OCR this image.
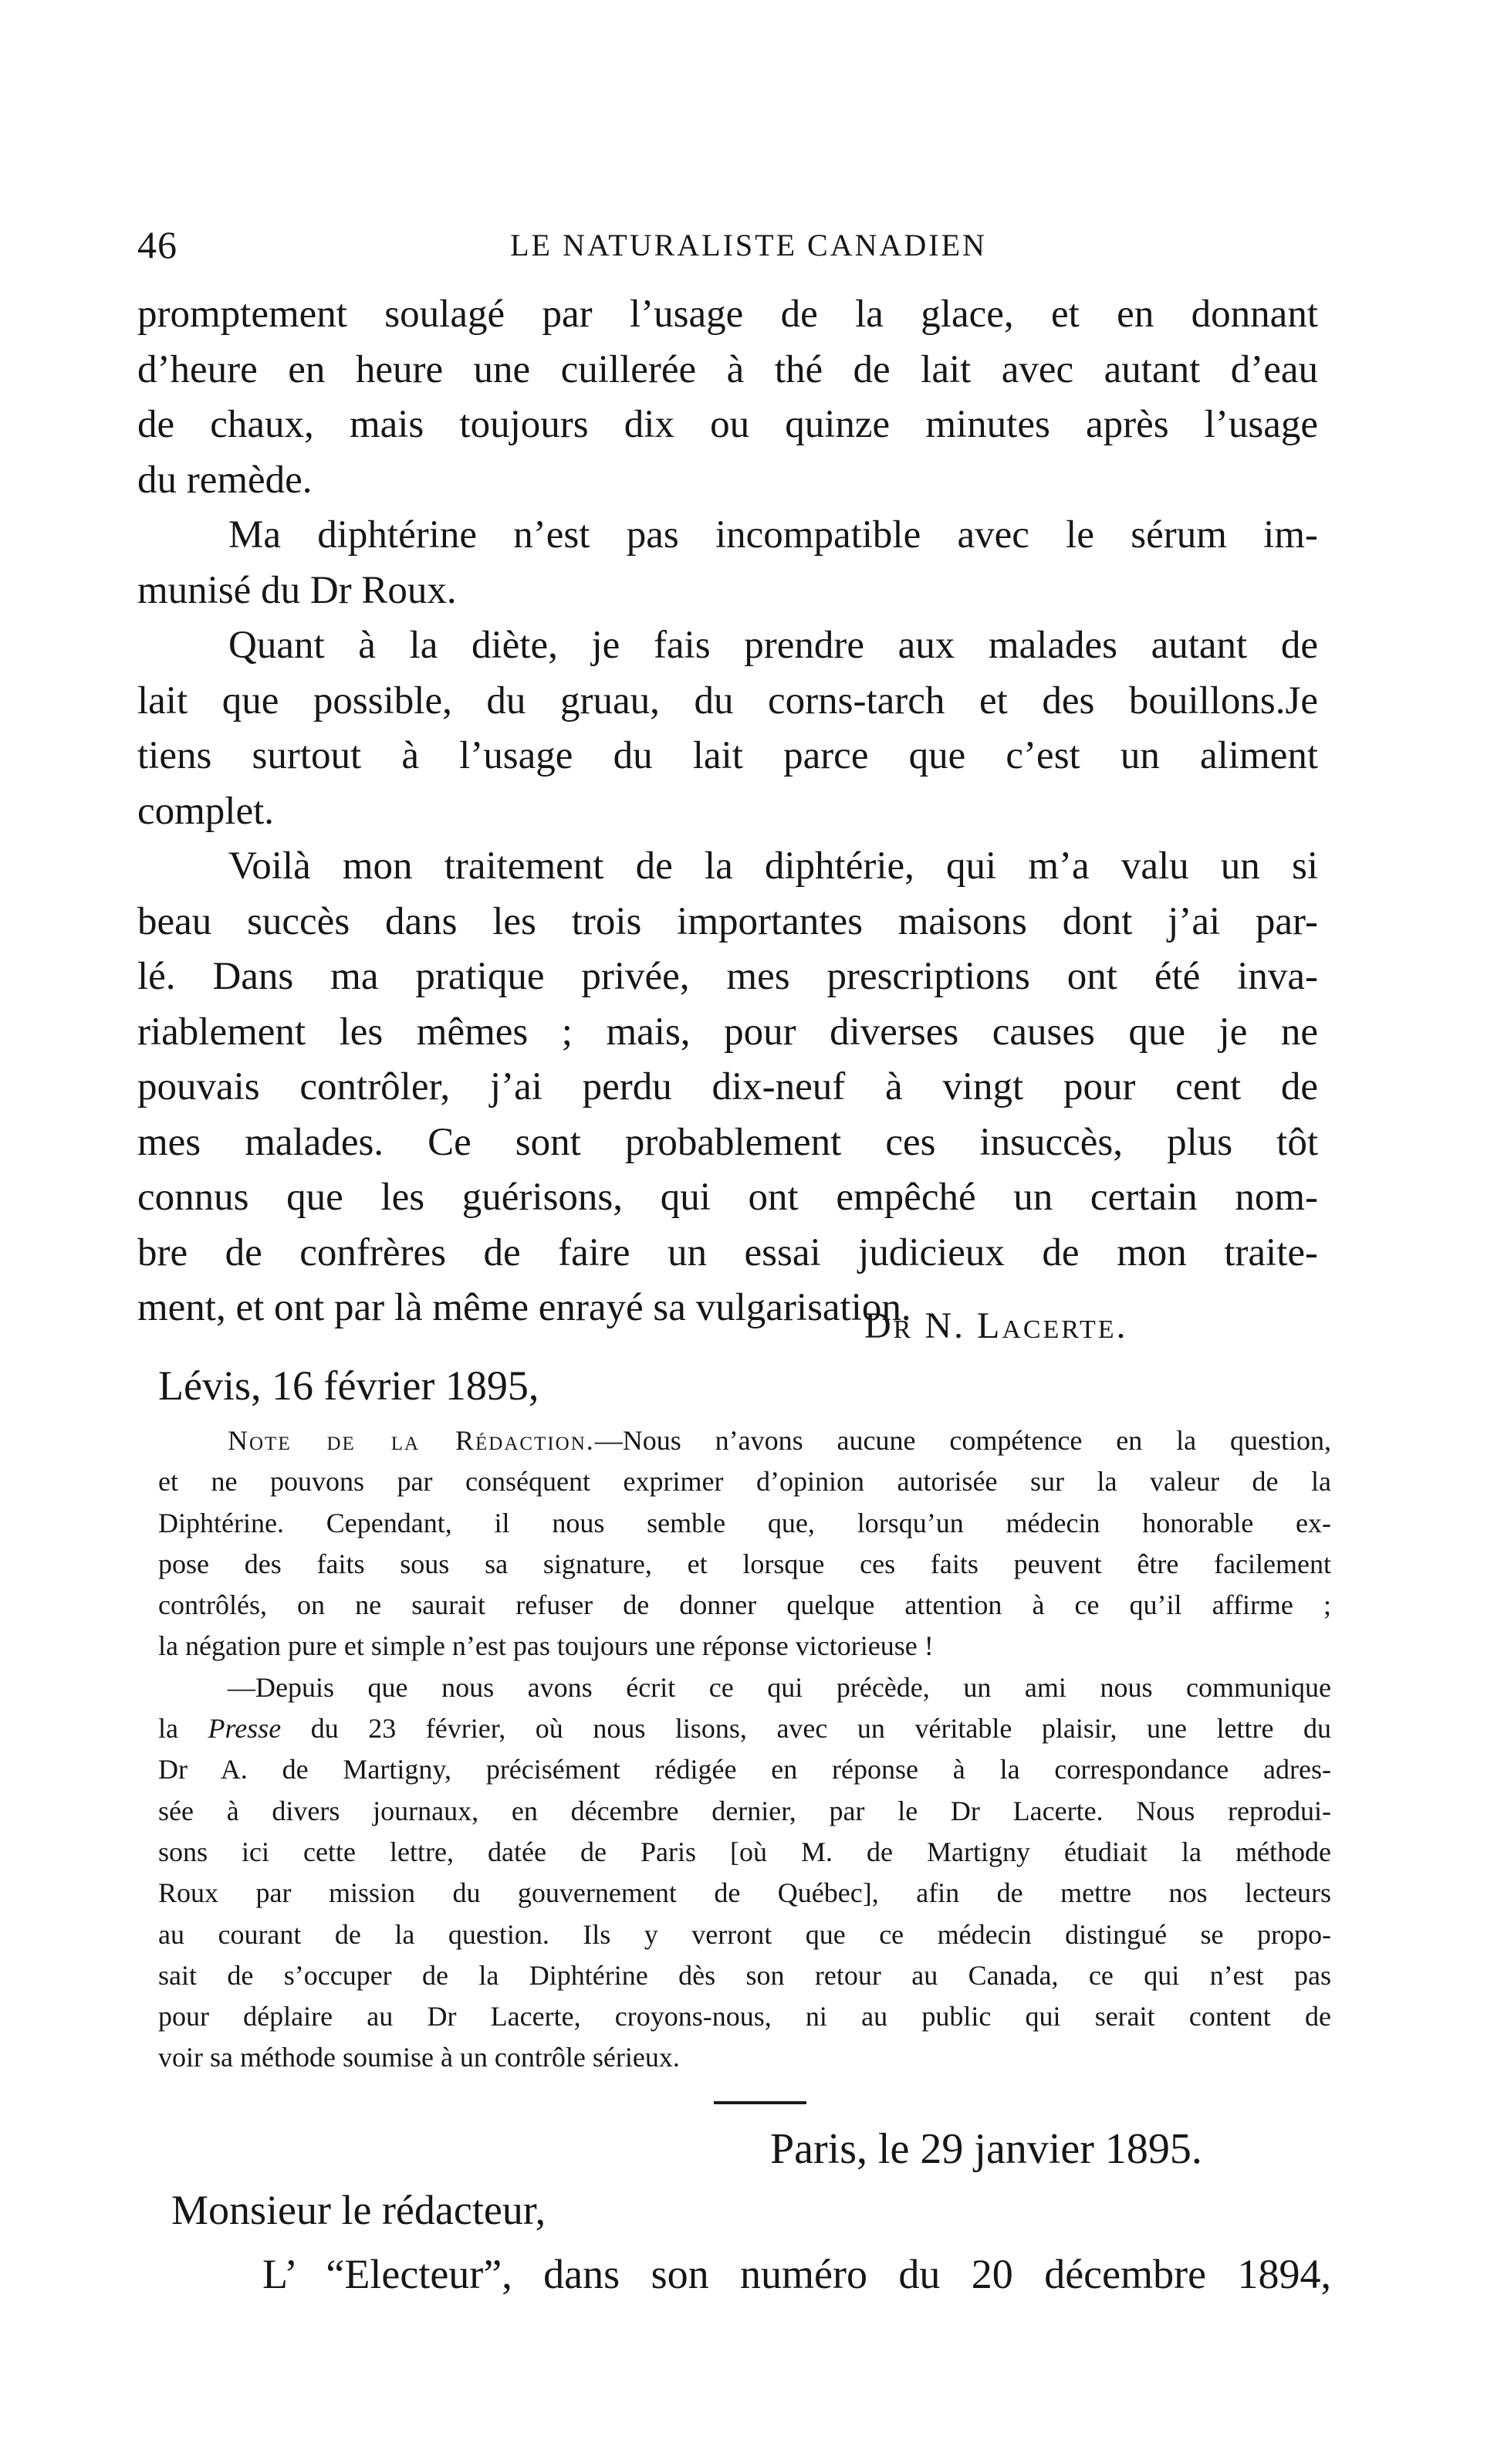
46	LE NATURALISTE CANADIEN
promptement soulagé par l’usage de la glace, et en donnant
d’heure en heure une cuillerée à thé de lait avec autant d’eau
de chaux, mais toujours dix ou quinze minutes après l’usage
du remède.
Ma diphtérine n’est pas incompatible avec le sérum im-
munisé du Dr Roux.
Quant à la diète, je fais prendre aux malades autant de
lait que possible, du gruau, du corns-tarch et des bouillons.Je
tiens surtout à l’usage du lait parce que c’est un aliment
complet.
Voilà mon traitement de la diphtérie, qui m’a valu un si
beau succès dans les trois importantes maisons dont j’ai par-
lé. Dans ma pratique privée, mes prescriptions ont été inva-
riablement les mêmes ; mais, pour diverses causes que je ne
pouvais contrôler, j’ai perdu dix-neuf à vingt pour cent de
mes malades. Ce sont probablement ces insuccès, plus tôt
connus que les guérisons, qui ont empêché un certain nom-
bre de confrères de faire un essai judicieux de mon traite-
ment, et ont par là même enrayé sa vulgarisation.
Dr N. Lacerte.
Lévis, 16 février 1895,
Note de la Rédaction.—Nous n’avons aucune compétence en la question,
et ne pouvons par conséquent exprimer d’opinion autorisée sur la valeur de la
Diphtérine. Cependant, il nous semble que, lorsqu’un médecin honorable ex-
pose des faits sous sa signature, et lorsque ces faits peuvent être facilement
contrôlés, on ne saurait refuser de donner quelque attention à ce qu’il affirme ;
la négation pure et simple n’est pas toujours une réponse victorieuse !
—Depuis que nous avons écrit ce qui précède, un ami nous communique
la Presse du 23 février, où nous lisons, avec un véritable plaisir, une lettre du
Dr A. de Martigny, précisément rédigée en réponse à la correspondance adres-
sée à divers journaux, en décembre dernier, par le Dr Lacerte. Nous reprodui-
sons ici cette lettre, datée de Paris [où M. de Martigny étudiait la méthode
Roux par mission du gouvernement de Québec], afin de mettre nos lecteurs
au courant de la question. Ils y verront que ce médecin distingué se propo-
sait de s’occuper de la Diphtérine dès son retour au Canada, ce qui n’est pas
pour déplaire au Dr Lacerte, croyons-nous, ni au public qui serait content de
voir sa méthode soumise à un contrôle sérieux.
Paris, le 29 janvier 1895.
Monsieur le rédacteur,
L’ “Electeur”, dans son numéro du 20 décembre 1894,
